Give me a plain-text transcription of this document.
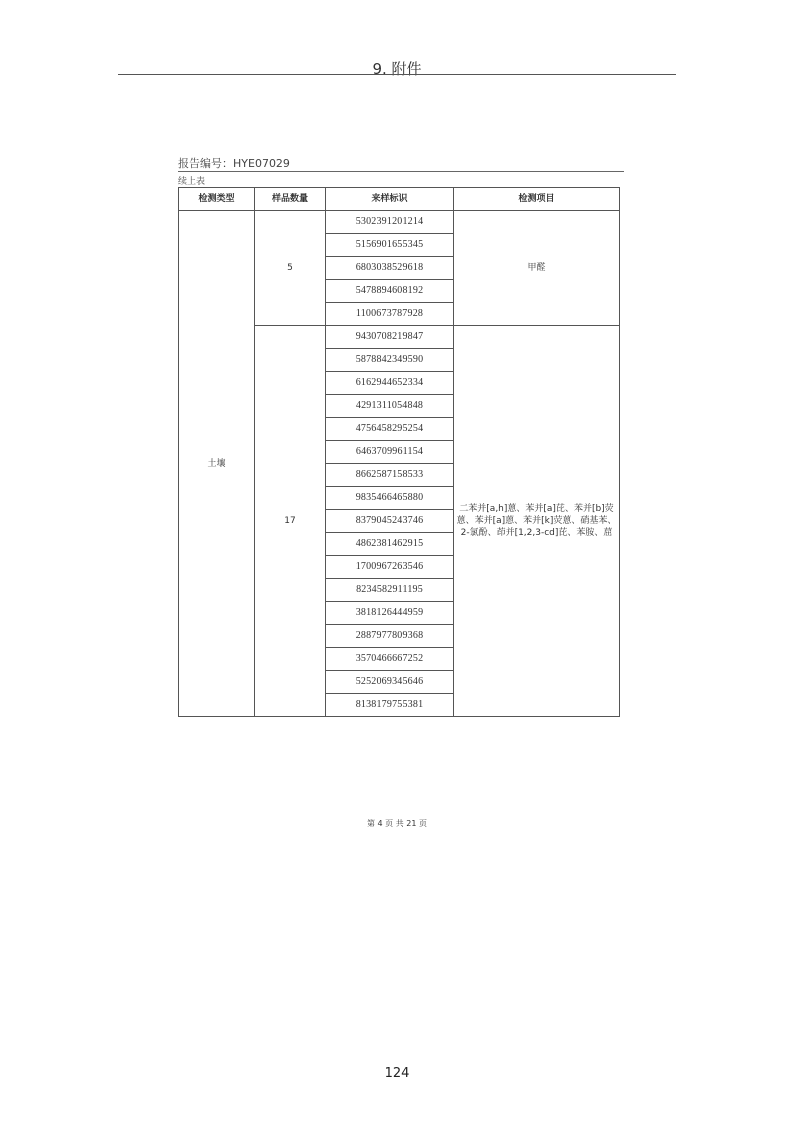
9. 附件
报告编号：HYE07029
续上表
检测类型	样品数量	来样标识	检测项目
土壤	5	5302391201214	甲醛
		5156901655345	
		6803038529618	
		5478894608192	
		1100673787928	
	17	9430708219847	二苯并[a,h]蒽、苯并[a]芘、苯并[b]荧蒽、苯并[a]蒽、苯并[k]荧蒽、硝基苯、2-氯酚、茚并[1,2,3-cd]芘、苯胺、䓛
		5878842349590	
		6162944652334	
		4291311054848	
		4756458295254	
		6463709961154	
		8662587158533	
		9835466465880	
		8379045243746	
		4862381462915	
		1700967263546	
		8234582911195	
		3818126444959	
		2887977809368	
		3570466667252	
		5252069345646	
		8138179755381	
第 4 页 共 21 页
124
